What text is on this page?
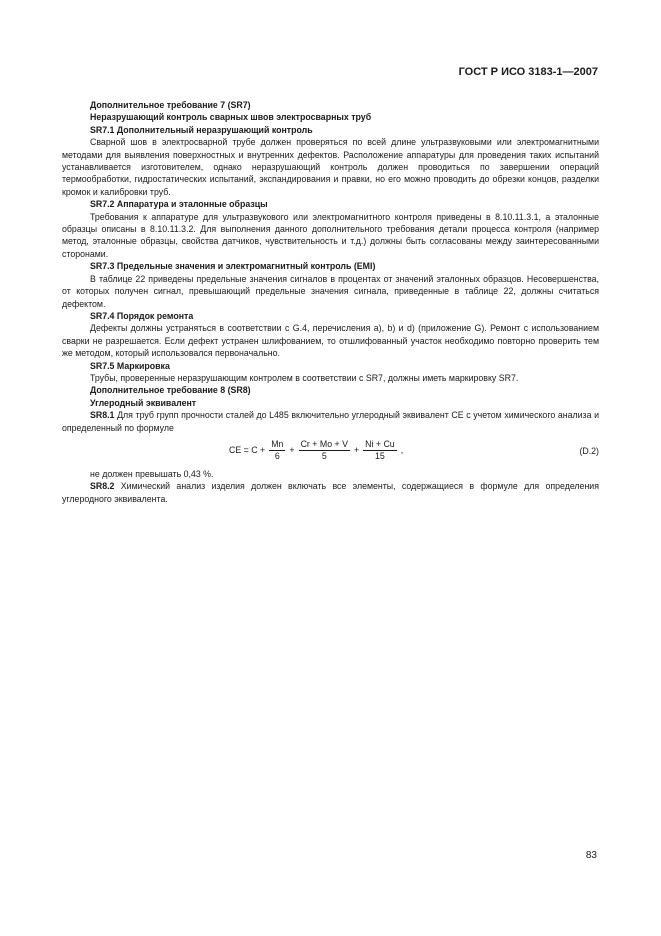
ГОСТ Р ИСО 3183-1—2007

Дополнительное требование 7 (SR7)

Неразрушающий контроль сварных швов электросварных труб

SR7.1 Дополнительный неразрушающий контроль

Сварной шов в электросварной трубе должен проверяться по всей длине ультразвуковыми или электромагнитными методами для выявления поверхностных и внутренних дефектов. Расположение аппаратуры для проведения таких испытаний устанавливается изготовителем, однако неразрушающий контроль должен проводиться по завершении операций термообработки, гидростатических испытаний, экспандирования и правки, но его можно проводить до обрезки концов, разделки кромок и калибровки труб.

SR7.2 Аппаратура и эталонные образцы

Требования к аппаратуре для ультразвукового или электромагнитного контроля приведены в 8.10.11.3.1, а эталонные образцы описаны в 8.10.11.3.2. Для выполнения данного дополнительного требования детали процесса контроля (например метод, эталонные образцы, свойства датчиков, чувствительность и т.д.) должны быть согласованы между заинтересованными сторонами.

SR7.3 Предельные значения и электромагнитный контроль (EMI)

В таблице 22 приведены предельные значения сигналов в процентах от значений эталонных образцов. Несовершенства, от которых получен сигнал, превышающий предельные значения сигнала, приведенные в таблице 22, должны считаться дефектом.

SR7.4 Порядок ремонта

Дефекты должны устраняться в соответствии с G.4, перечисления a), b) и d) (приложение G). Ремонт с использованием сварки не разрешается. Если дефект устранен шлифованием, то отшлифованный участок необходимо повторно проверить тем же методом, который использовался первоначально.

SR7.5 Маркировка

Трубы, проверенные неразрушающим контролем в соответствии с SR7, должны иметь маркировку SR7.

Дополнительное требование 8 (SR8)

Углеродный эквивалент

SR8.1 Для труб групп прочности сталей до L485 включительно углеродный эквивалент CE с учетом химического анализа и определенный по формуле

CE = $C + \frac{Mn}{6} + \frac{Cr + Mo + V}{5} + \frac{Ni + Cu}{15}$ ,	(D.2)

не должен превышать 0,43 %.

SR8.2 Химический анализ изделия должен включать все элементы, содержащиеся в формуле для определения углеродного эквивалента.

83
